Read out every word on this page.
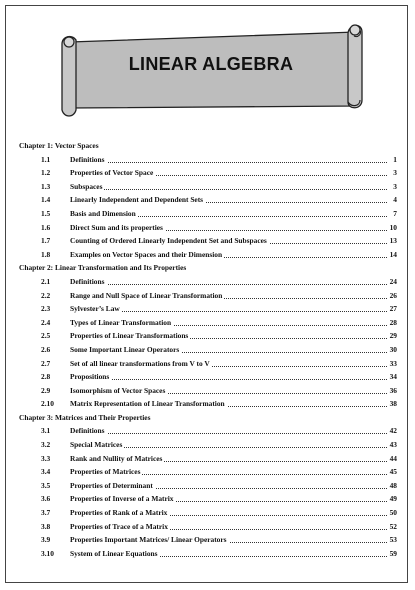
LINEAR ALGEBRA
Chapter 1: Vector Spaces
1.1	Definitions	1
1.2	Properties of Vector Space	3
1.3	Subspaces	3
1.4	Linearly Independent and Dependent Sets	4
1.5	Basis and Dimension	7
1.6	Direct Sum and its properties	10
1.7	Counting of Ordered Linearly Independent Set and Subspaces	13
1.8	Examples on Vector Spaces and their Dimension	14
Chapter 2: Linear Transformation and Its Properties
2.1	Definitions	24
2.2	Range and Null Space of Linear Transformation	26
2.3	Sylvester’s Law	27
2.4	Types of Linear Transformation	28
2.5	Properties of Linear Transformations	29
2.6	Some Important Linear Operators	30
2.7	Set of all linear transformations from V to V	33
2.8	Propositions	34
2.9	Isomorphism of Vector Spaces	36
2.10	Matrix Representation of Linear Transformation	38
Chapter 3: Matrices and Their Properties
3.1	Definitions	42
3.2	Special Matrices	43
3.3	Rank and Nullity of Matrices	44
3.4	Properties of Matrices	45
3.5	Properties of Determinant	48
3.6	Properties of Inverse of a Matrix	49
3.7	Properties of Rank of a Matrix	50
3.8	Properties of Trace of a Matrix	52
3.9	Properties Important Matrices/ Linear Operators	53
3.10	System of Linear Equations	59
